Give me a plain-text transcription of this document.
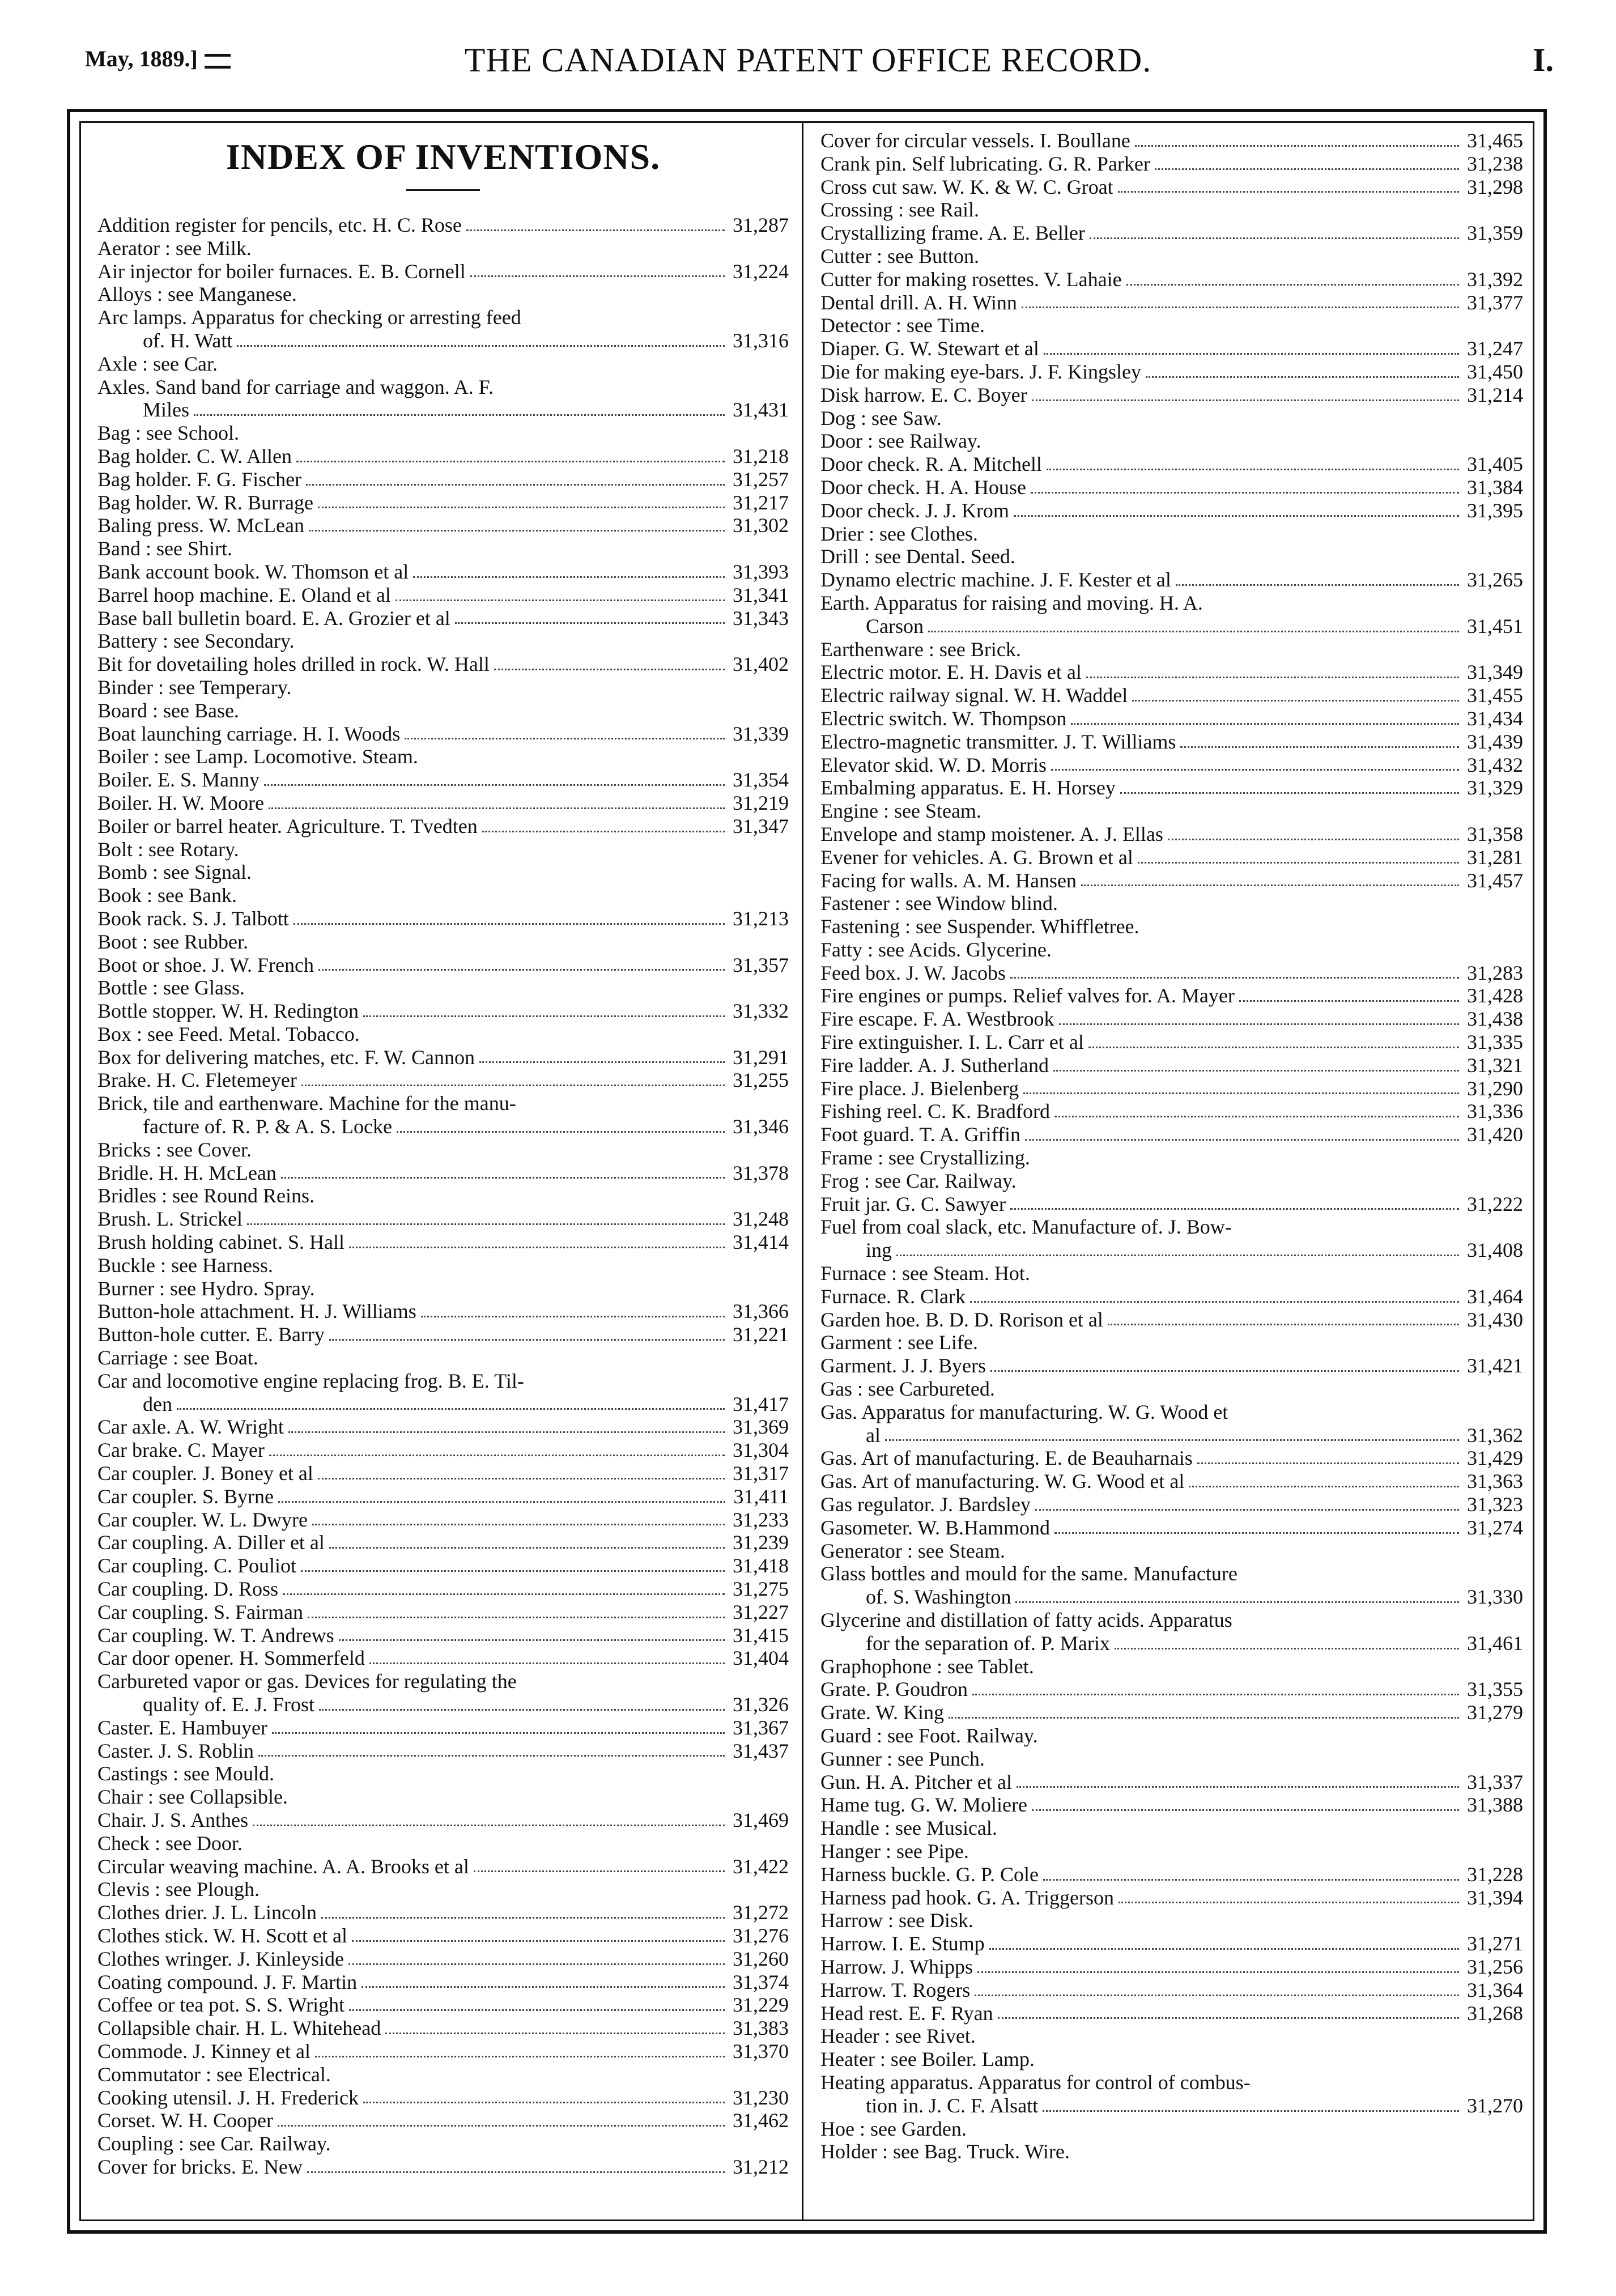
May, 1889.]	THE CANADIAN PATENT OFFICE RECORD.	I.
INDEX OF INVENTIONS.
Addition register for pencils, etc. H. C. Rose	31,287
Aerator : see Milk.
Air injector for boiler furnaces. E. B. Cornell	31,224
Alloys : see Manganese.
Arc lamps. Apparatus for checking or arresting feed
of. H. Watt	31,316
Axle : see Car.
Axles. Sand band for carriage and waggon. A. F.
Miles	31,431
Bag : see School.
Bag holder. C. W. Allen	31,218
Bag holder. F. G. Fischer	31,257
Bag holder. W. R. Burrage	31,217
Baling press. W. McLean	31,302
Band : see Shirt.
Bank account book. W. Thomson et al	31,393
Barrel hoop machine. E. Oland et al	31,341
Base ball bulletin board. E. A. Grozier et al	31,343
Battery : see Secondary.
Bit for dovetailing holes drilled in rock. W. Hall	31,402
Binder : see Temperary.
Board : see Base.
Boat launching carriage. H. I. Woods	31,339
Boiler : see Lamp. Locomotive. Steam.
Boiler. E. S. Manny	31,354
Boiler. H. W. Moore	31,219
Boiler or barrel heater. Agriculture. T. Tvedten	31,347
Bolt : see Rotary.
Bomb : see Signal.
Book : see Bank.
Book rack. S. J. Talbott	31,213
Boot : see Rubber.
Boot or shoe. J. W. French	31,357
Bottle : see Glass.
Bottle stopper. W. H. Redington	31,332
Box : see Feed. Metal. Tobacco.
Box for delivering matches, etc. F. W. Cannon	31,291
Brake. H. C. Fletemeyer	31,255
Brick, tile and earthenware. Machine for the manu-
facture of. R. P. & A. S. Locke	31,346
Bricks : see Cover.
Bridle. H. H. McLean	31,378
Bridles : see Round Reins.
Brush. L. Strickel	31,248
Brush holding cabinet. S. Hall	31,414
Buckle : see Harness.
Burner : see Hydro. Spray.
Button-hole attachment. H. J. Williams	31,366
Button-hole cutter. E. Barry	31,221
Carriage : see Boat.
Car and locomotive engine replacing frog. B. E. Til-
den	31,417
Car axle. A. W. Wright	31,369
Car brake. C. Mayer	31,304
Car coupler. J. Boney et al	31,317
Car coupler. S. Byrne	31,411
Car coupler. W. L. Dwyre	31,233
Car coupling. A. Diller et al	31,239
Car coupling. C. Pouliot	31,418
Car coupling. D. Ross	31,275
Car coupling. S. Fairman	31,227
Car coupling. W. T. Andrews	31,415
Car door opener. H. Sommerfeld	31,404
Carbureted vapor or gas. Devices for regulating the
quality of. E. J. Frost	31,326
Caster. E. Hambuyer	31,367
Caster. J. S. Roblin	31,437
Castings : see Mould.
Chair : see Collapsible.
Chair. J. S. Anthes	31,469
Check : see Door.
Circular weaving machine. A. A. Brooks et al	31,422
Clevis : see Plough.
Clothes drier. J. L. Lincoln	31,272
Clothes stick. W. H. Scott et al	31,276
Clothes wringer. J. Kinleyside	31,260
Coating compound. J. F. Martin	31,374
Coffee or tea pot. S. S. Wright	31,229
Collapsible chair. H. L. Whitehead	31,383
Commode. J. Kinney et al	31,370
Commutator : see Electrical.
Cooking utensil. J. H. Frederick	31,230
Corset. W. H. Cooper	31,462
Coupling : see Car. Railway.
Cover for bricks. E. New	31,212
Cover for circular vessels. I. Boullane	31,465
Crank pin. Self lubricating. G. R. Parker	31,238
Cross cut saw. W. K. & W. C. Groat	31,298
Crossing : see Rail.
Crystallizing frame. A. E. Beller	31,359
Cutter : see Button.
Cutter for making rosettes. V. Lahaie	31,392
Dental drill. A. H. Winn	31,377
Detector : see Time.
Diaper. G. W. Stewart et al	31,247
Die for making eye-bars. J. F. Kingsley	31,450
Disk harrow. E. C. Boyer	31,214
Dog : see Saw.
Door : see Railway.
Door check. R. A. Mitchell	31,405
Door check. H. A. House	31,384
Door check. J. J. Krom	31,395
Drier : see Clothes.
Drill : see Dental. Seed.
Dynamo electric machine. J. F. Kester et al	31,265
Earth. Apparatus for raising and moving. H. A.
Carson	31,451
Earthenware : see Brick.
Electric motor. E. H. Davis et al	31,349
Electric railway signal. W. H. Waddel	31,455
Electric switch. W. Thompson	31,434
Electro-magnetic transmitter. J. T. Williams	31,439
Elevator skid. W. D. Morris	31,432
Embalming apparatus. E. H. Horsey	31,329
Engine : see Steam.
Envelope and stamp moistener. A. J. Ellas	31,358
Evener for vehicles. A. G. Brown et al	31,281
Facing for walls. A. M. Hansen	31,457
Fastener : see Window blind.
Fastening : see Suspender. Whiffletree.
Fatty : see Acids. Glycerine.
Feed box. J. W. Jacobs	31,283
Fire engines or pumps. Relief valves for. A. Mayer	31,428
Fire escape. F. A. Westbrook	31,438
Fire extinguisher. I. L. Carr et al	31,335
Fire ladder. A. J. Sutherland	31,321
Fire place. J. Bielenberg	31,290
Fishing reel. C. K. Bradford	31,336
Foot guard. T. A. Griffin	31,420
Frame : see Crystallizing.
Frog : see Car. Railway.
Fruit jar. G. C. Sawyer	31,222
Fuel from coal slack, etc. Manufacture of. J. Bow-
ing	31,408
Furnace : see Steam. Hot.
Furnace. R. Clark	31,464
Garden hoe. B. D. D. Rorison et al	31,430
Garment : see Life.
Garment. J. J. Byers	31,421
Gas : see Carbureted.
Gas. Apparatus for manufacturing. W. G. Wood et
al	31,362
Gas. Art of manufacturing. E. de Beauharnais	31,429
Gas. Art of manufacturing. W. G. Wood et al	31,363
Gas regulator. J. Bardsley	31,323
Gasometer. W. B.Hammond	31,274
Generator : see Steam.
Glass bottles and mould for the same. Manufacture
of. S. Washington	31,330
Glycerine and distillation of fatty acids. Apparatus
for the separation of. P. Marix	31,461
Graphophone : see Tablet.
Grate. P. Goudron	31,355
Grate. W. King	31,279
Guard : see Foot. Railway.
Gunner : see Punch.
Gun. H. A. Pitcher et al	31,337
Hame tug. G. W. Moliere	31,388
Handle : see Musical.
Hanger : see Pipe.
Harness buckle. G. P. Cole	31,228
Harness pad hook. G. A. Triggerson	31,394
Harrow : see Disk.
Harrow. I. E. Stump	31,271
Harrow. J. Whipps	31,256
Harrow. T. Rogers	31,364
Head rest. E. F. Ryan	31,268
Header : see Rivet.
Heater : see Boiler. Lamp.
Heating apparatus. Apparatus for control of combus-
tion in. J. C. F. Alsatt	31,270
Hoe : see Garden.
Holder : see Bag. Truck. Wire.
